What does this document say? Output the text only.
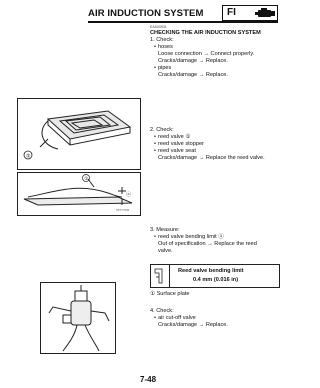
AIR INDUCTION SYSTEM FI
EAS00531
CHECKING THE AIR INDUCTION SYSTEM
1. Check:
• hoses
Loose connection → Connect properly.
Cracks/damage → Replace.
• pipes
Cracks/damage → Replace.
①
2. Check:
• reed valve ①
• reed valve stopper
• reed valve seat
Cracks/damage → Replace the reed valve.
①
ⓐ
S5TY7036
3. Measure:
• reed valve bending limit ⓐ
Out of specification → Replace the reed
valve.
Reed valve bending limit
0.4 mm (0.016 in)
① Surface plate
4. Check:
• air cut-off valve
Cracks/damage → Replace.
7-48
